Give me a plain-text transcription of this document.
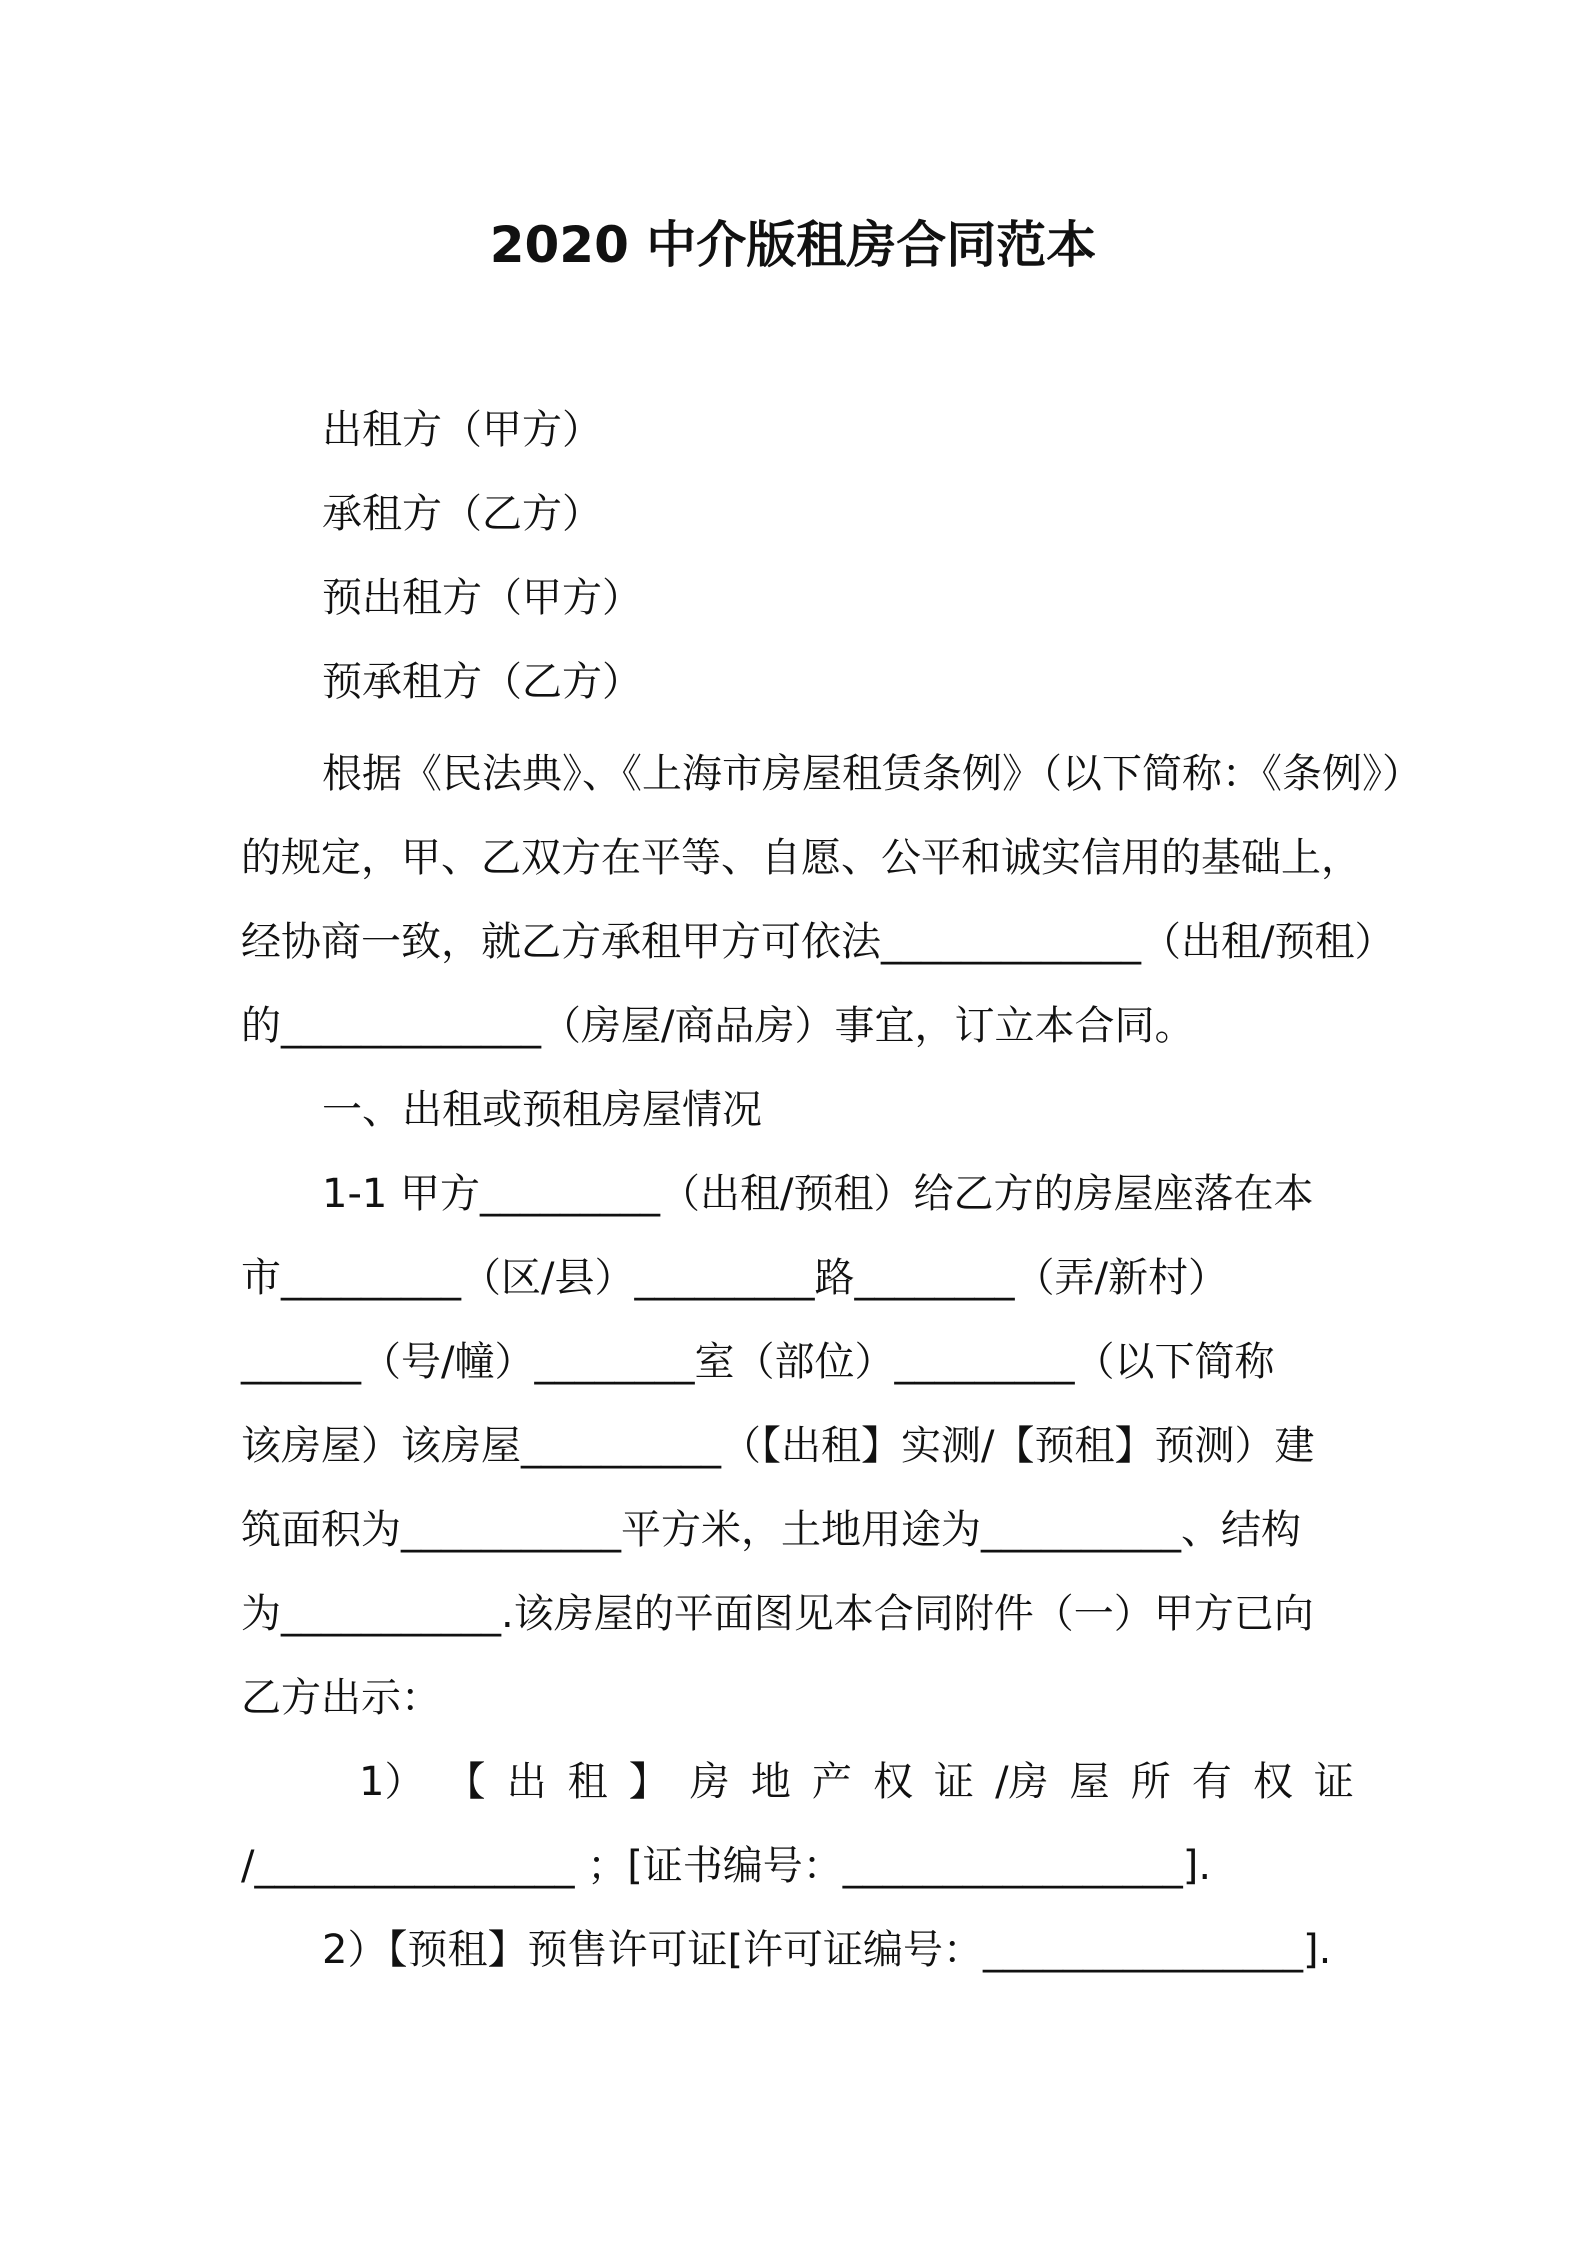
2020 中介版租房合同范本
出租方（甲方）
承租方（乙方）
预出租方（甲方）
预承租方（乙方）
根据《民法典》、《上海市房屋租赁条例》（以下简称：《条例》）
的规定，甲、乙双方在平等、自愿、公平和诚实信用的基础上，
经协商一致，就乙方承租甲方可依法_____________（出租/预租）
的_____________（房屋/商品房）事宜，订立本合同。
一、出租或预租房屋情况
1-1 甲方_________（出租/预租）给乙方的房屋座落在本
市_________（区/县）_________路________（弄/新村）
______（号/幢）________室（部位）_________（以下简称
该房屋）该房屋__________（【出租】实测/【预租】预测）建
筑面积为___________平方米，土地用途为__________、结构
为___________.该房屋的平面图见本合同附件（一）甲方已向
乙方出示：
1） 【 出 租 】 房 地 产 权 证 /房 屋 所 有 权 证
/________________ ；[证书编号：_________________].
2）【预租】预售许可证[许可证编号：________________].
